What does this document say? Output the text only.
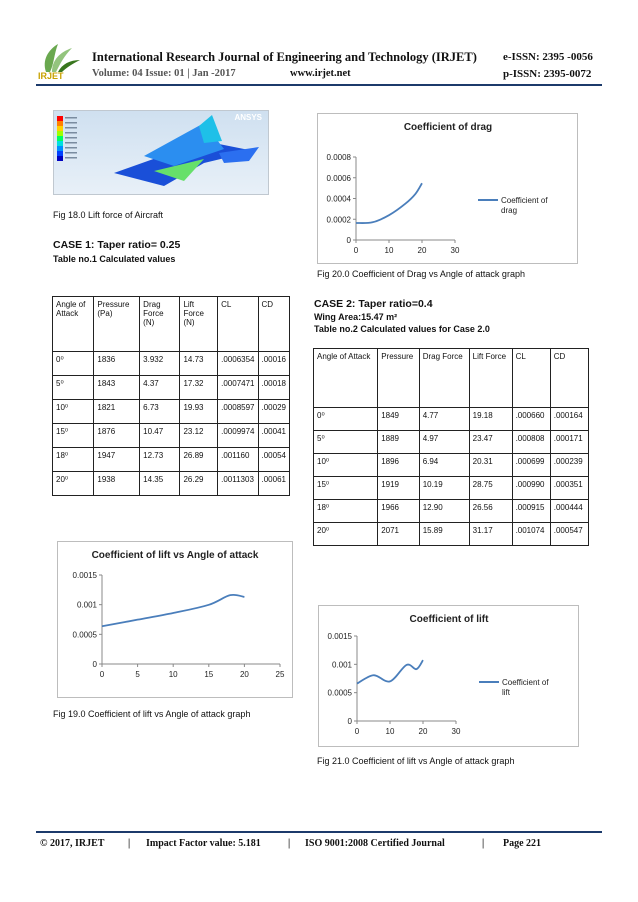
IRJET
International Research Journal of Engineering and Technology (IRJET) e-ISSN: 2395 -0056
Volume: 04 Issue: 01 | Jan -2017	www.irjet.net	p-ISSN: 2395-0072
ANSYS
Fig 18.0 Lift force of Aircraft
CASE 1: Taper ratio= 0.25
Table no.1 Calculated values
Angle of Attack	Pressure (Pa)	Drag Force (N)	Lift Force (N)	CL	CD
0⁰	1836	3.932	14.73	.0006354	.00016
5⁰	1843	4.37	17.32	.0007471	.00018
10⁰	1821	6.73	19.93	.0008597	.00029
15⁰	1876	10.47	23.12	.0009974	.00041
18⁰	1947	12.73	26.89	.001160	.00054
20⁰	1938	14.35	26.29	.0011303	.00061
Coefficient of lift vs Angle of attack
0
0.0005
0.001
0.0015
0	5	10	15	20	25
Fig 19.0 Coefficient of lift vs Angle of attack graph
Coefficient of drag
0
0.0002
0.0004
0.0006
0.0008
0	10	20	30
Coefficient of
drag
Fig 20.0 Coefficient of Drag vs Angle of attack graph
CASE 2: Taper ratio=0.4
Wing Area:15.47 m²
Table no.2 Calculated values for Case 2.0
Angle of Attack	Pressure	Drag Force	Lift Force	CL	CD
0⁰	1849	4.77	19.18	.000660	.000164
5⁰	1889	4.97	23.47	.000808	.000171
10⁰	1896	6.94	20.31	.000699	.000239
15⁰	1919	10.19	28.75	.000990	.000351
18⁰	1966	12.90	26.56	.000915	.000444
20⁰	2071	15.89	31.17	.001074	.000547
Coefficient of lift
0
0.0005
0.001
0.0015
0	10	20	30
Coefficient of
lift
Fig 21.0 Coefficient of lift vs Angle of attack graph
© 2017, IRJET | Impact Factor value: 5.181	| ISO 9001:2008 Certified Journal	| Page 221
